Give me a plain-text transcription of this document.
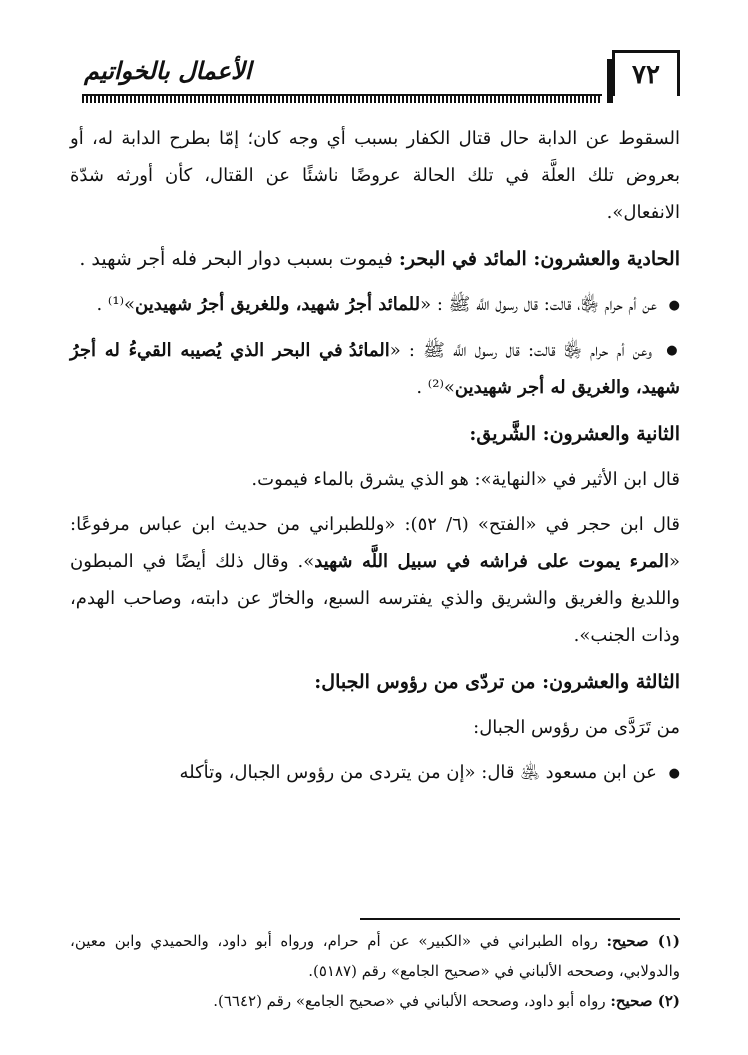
٧٢
الأعمال بالخواتيم

السقوط عن الدابة حال قتال الكفار بسبب أي وجه كان؛ إمّا بطرح الدابة له، أو بعروض تلك العلَّة في تلك الحالة عروضًا ناشئًا عن القتال، كأن أورثه شدّة الانفعال».

الحادية والعشرون: المائد في البحر: فيموت بسبب دوار البحر فله أجر شهيد .

● عن أم حرام ﵂، قالت: قال رسول اللَّه ﷺ : «للمائد أجرُ شهيد، وللغريق أجرُ شهيدين»⁽¹⁾ .

● وعن أم حرام ﵂ قالت: قال رسول اللَّه ﷺ : «المائدُ في البحر الذي يُصيبه القيءُ له أجرُ شهيد، والغريق له أجر شهيدين»⁽²⁾ .

الثانية والعشرون: الشَّريق:

قال ابن الأثير في «النهاية»: هو الذي يشرق بالماء فيموت.

قال ابن حجر في «الفتح» (٦/ ٥٢): «وللطبراني من حديث ابن عباس مرفوعًا: «المرء يموت على فراشه في سبيل اللَّه شهيد». وقال ذلك أيضًا في المبطون واللديغ والغريق والشريق والذي يفترسه السبع، والخارّ عن دابته، وصاحب الهدم، وذات الجنب».

الثالثة والعشرون: من تردّى من رؤوس الجبال:

من تَرَدَّى من رؤوس الجبال:

● عن ابن مسعود ﵁ قال: «إن من يتردى من رؤوس الجبال، وتأكله

(١) صحيح: رواه الطبراني في «الكبير» عن أم حرام، ورواه أبو داود، والحميدي وابن معين، والدولابي، وصححه الألباني في «صحيح الجامع» رقم (٥١٨٧).

(٢) صحيح: رواه أبو داود، وصححه الألباني في «صحيح الجامع» رقم (٦٦٤٢).
